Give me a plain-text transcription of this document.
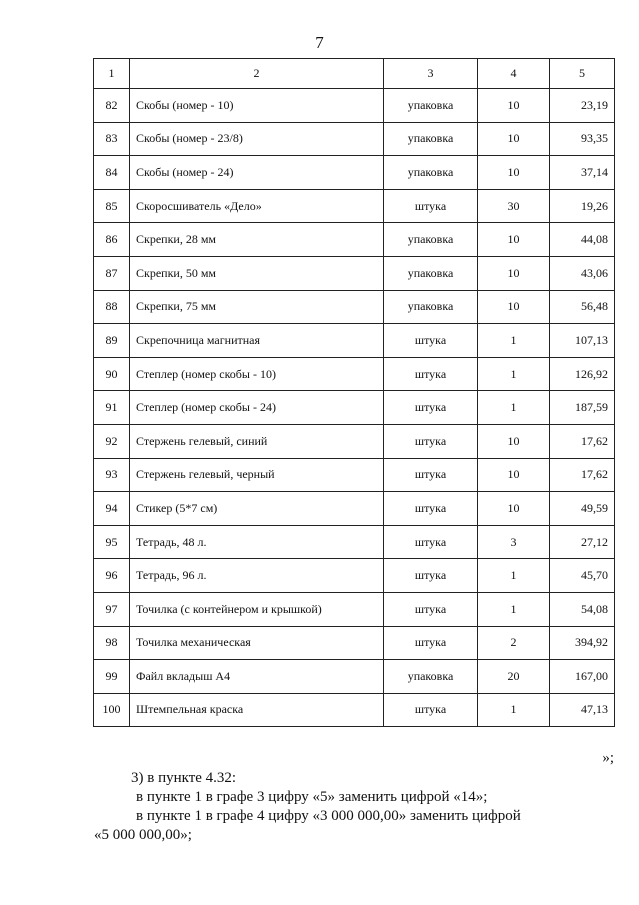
7
1	2	3	4	5
82	Скобы (номер - 10)	упаковка	10	23,19
83	Скобы (номер - 23/8)	упаковка	10	93,35
84	Скобы (номер - 24)	упаковка	10	37,14
85	Скоросшиватель «Дело»	штука	30	19,26
86	Скрепки, 28 мм	упаковка	10	44,08
87	Скрепки, 50 мм	упаковка	10	43,06
88	Скрепки, 75 мм	упаковка	10	56,48
89	Скрепочница магнитная	штука	1	107,13
90	Степлер (номер скобы - 10)	штука	1	126,92
91	Степлер (номер скобы - 24)	штука	1	187,59
92	Стержень гелевый, синий	штука	10	17,62
93	Стержень гелевый, черный	штука	10	17,62
94	Стикер (5*7 см)	штука	10	49,59
95	Тетрадь, 48 л.	штука	3	27,12
96	Тетрадь, 96 л.	штука	1	45,70
97	Точилка (с контейнером и крышкой)	штука	1	54,08
98	Точилка механическая	штука	2	394,92
99	Файл вкладыш А4	упаковка	20	167,00
100	Штемпельная краска	штука	1	47,13
»;
3) в пункте 4.32:
в пункте 1 в графе 3 цифру «5» заменить цифрой «14»;
в пункте 1 в графе 4 цифру «3 000 000,00» заменить цифрой
«5 000 000,00»;
